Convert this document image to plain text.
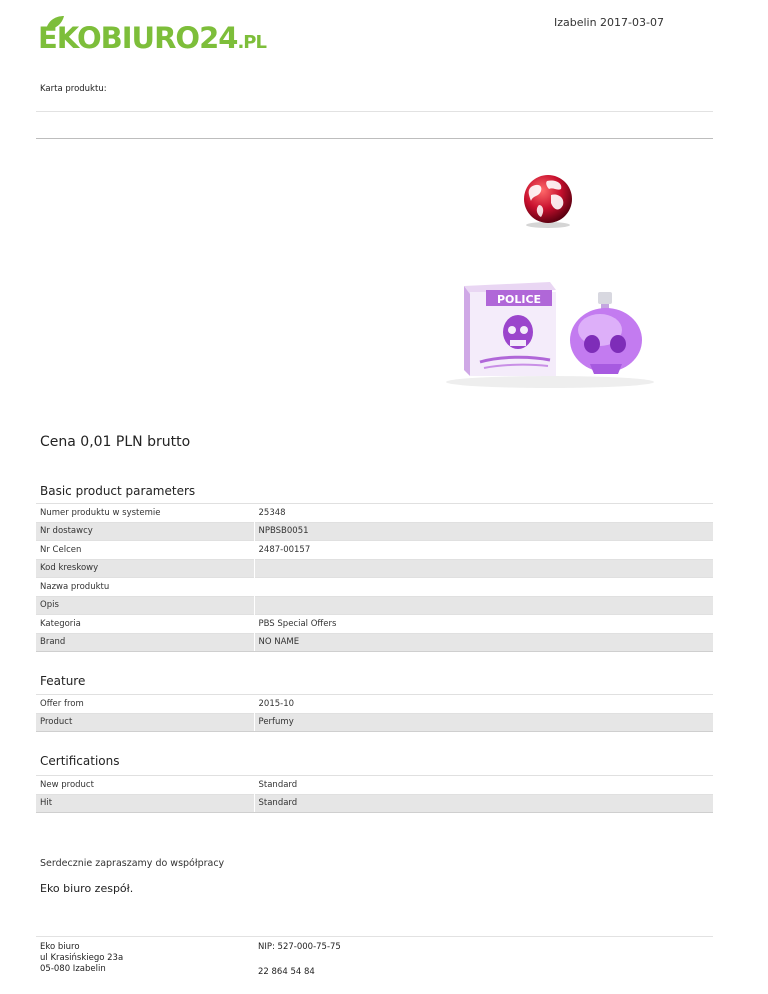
EKOBIURO24.PL
Izabelin 2017-03-07
Karta produktu:
POLICE
Cena 0,01 PLN brutto
Basic product parameters
Numer produktu w systemie	25348
Nr dostawcy	NPBSB0051
Nr Celcen	2487-00157
Kod kreskowy	
Nazwa produktu	
Opis	
Kategoria	PBS Special Offers
Brand	NO NAME
Feature
Offer from	2015-10
Product	Perfumy
Certifications
New product	Standard
Hit	Standard
Serdecznie zapraszamy do współpracy
Eko biuro zespół.
Eko biuro
ul Krasińskiego 23a
05-080 Izabelin
NIP: 527-000-75-75
22 864 54 84
